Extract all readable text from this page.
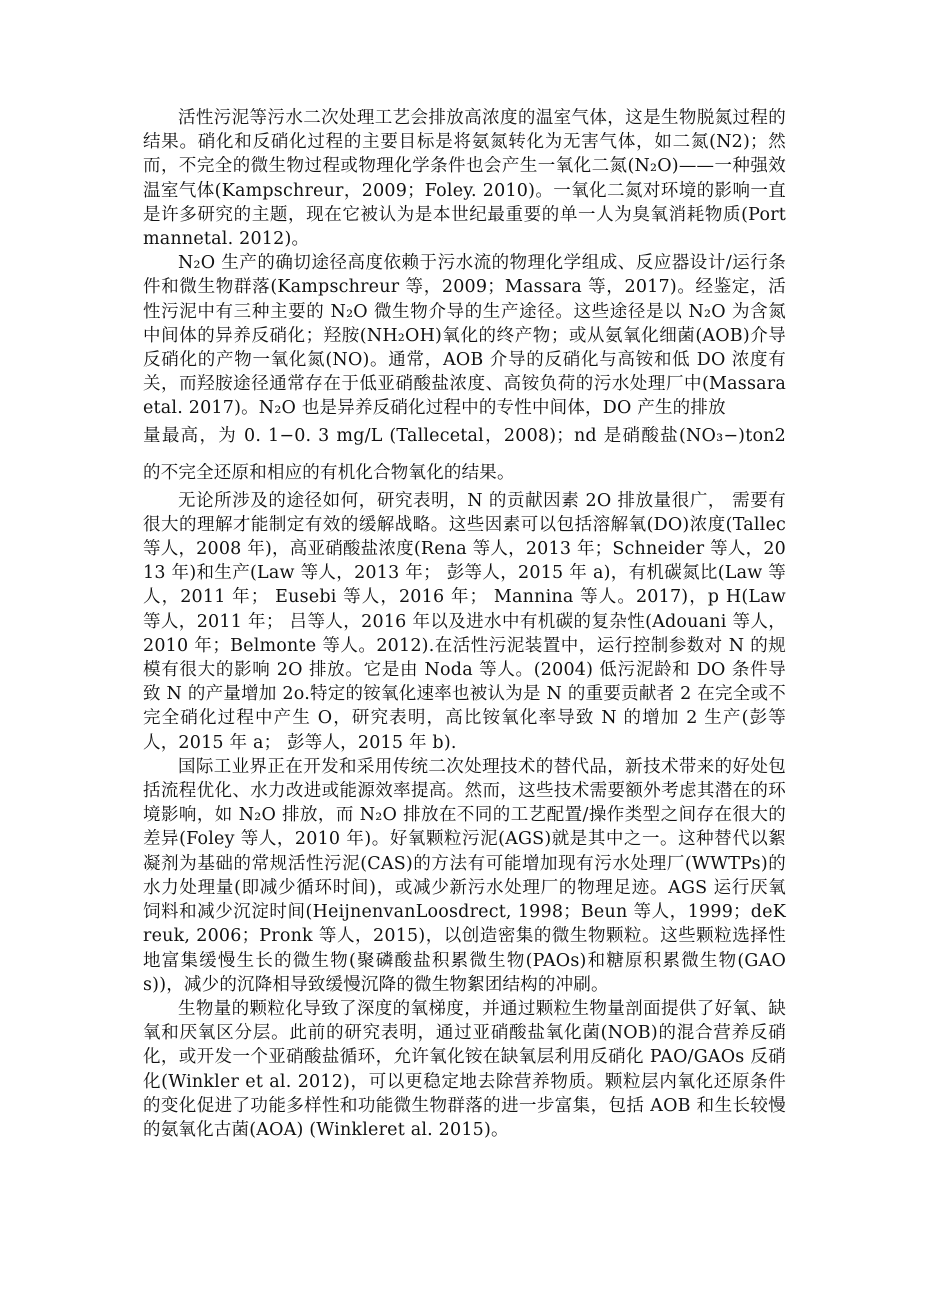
活性污泥等污水二次处理工艺会排放高浓度的温室气体，这是生物脱氮过程的结果。硝化和反硝化过程的主要目标是将氨氮转化为无害气体，如二氮(N2)；然而，不完全的微生物过程或物理化学条件也会产生一氧化二氮(N₂O)——一种强效温室气体(Kampschreur，2009；Foley. 2010)。一氧化二氮对环境的影响一直是许多研究的主题，现在它被认为是本世纪最重要的单一人为臭氧消耗物质(Portmannetal. 2012)。

N₂O 生产的确切途径高度依赖于污水流的物理化学组成、反应器设计/运行条件和微生物群落(Kampschreur 等，2009；Massara 等，2017)。经鉴定，活性污泥中有三种主要的 N₂O 微生物介导的生产途径。这些途径是以 N₂O 为含氮中间体的异养反硝化；羟胺(NH₂OH)氧化的终产物；或从氨氧化细菌(AOB)介导反硝化的产物一氧化氮(NO)。通常，AOB 介导的反硝化与高铵和低 DO 浓度有关，而羟胺途径通常存在于低亚硝酸盐浓度、高铵负荷的污水处理厂中(Massaraetal. 2017)。N₂O 也是异养反硝化过程中的专性中间体，DO 产生的排放

量最高，为 0. 1−0. 3 mg/L (Tallecetal，2008)；nd 是硝酸盐(NO₃−)ton2 的不完全还原和相应的有机化合物氧化的结果。

无论所涉及的途径如何，研究表明，N 的贡献因素 2O 排放量很广， 需要有很大的理解才能制定有效的缓解战略。这些因素可以包括溶解氧(DO)浓度(Tallec 等人，2008 年)，高亚硝酸盐浓度(Rena 等人，2013 年；Schneider 等人，2013 年)和生产(Law 等人，2013 年； 彭等人，2015 年 a)，有机碳氮比(Law 等人，2011 年； Eusebi 等人，2016 年； Mannina 等人。2017)，p H(Law 等人，2011 年； 吕等人，2016 年以及进水中有机碳的复杂性(Adouani 等人，2010 年；Belmonte 等人。2012).在活性污泥装置中，运行控制参数对 N 的规模有很大的影响 2O 排放。它是由 Noda 等人。(2004) 低污泥龄和 DO 条件导致 N 的产量增加 2o.特定的铵氧化速率也被认为是 N 的重要贡献者 2 在完全或不完全硝化过程中产生 O，研究表明，高比铵氧化率导致 N 的增加 2 生产(彭等人，2015 年 a； 彭等人，2015 年 b).

国际工业界正在开发和采用传统二次处理技术的替代品，新技术带来的好处包括流程优化、水力改进或能源效率提高。然而，这些技术需要额外考虑其潜在的环境影响，如 N₂O 排放，而 N₂O 排放在不同的工艺配置/操作类型之间存在很大的差异(Foley 等人，2010 年)。好氧颗粒污泥(AGS)就是其中之一。这种替代以絮凝剂为基础的常规活性污泥(CAS)的方法有可能增加现有污水处理厂(WWTPs)的水力处理量(即减少循环时间)，或减少新污水处理厂的物理足迹。AGS 运行厌氧饲料和减少沉淀时间(HeijnenvanLoosdrect, 1998；Beun 等人，1999；deKreuk, 2006；Pronk 等人，2015)，以创造密集的微生物颗粒。这些颗粒选择性地富集缓慢生长的微生物(聚磷酸盐积累微生物(PAOs)和糖原积累微生物(GAOs))，减少的沉降相导致缓慢沉降的微生物絮团结构的冲刷。

生物量的颗粒化导致了深度的氧梯度，并通过颗粒生物量剖面提供了好氧、缺氧和厌氧区分层。此前的研究表明，通过亚硝酸盐氧化菌(NOB)的混合营养反硝化，或开发一个亚硝酸盐循环，允许氧化铵在缺氧层利用反硝化 PAO/GAOs 反硝化(Winkler et al. 2012)，可以更稳定地去除营养物质。颗粒层内氧化还原条件的变化促进了功能多样性和功能微生物群落的进一步富集，包括 AOB 和生长较慢的氨氧化古菌(AOA) (Winkleret al. 2015)。
